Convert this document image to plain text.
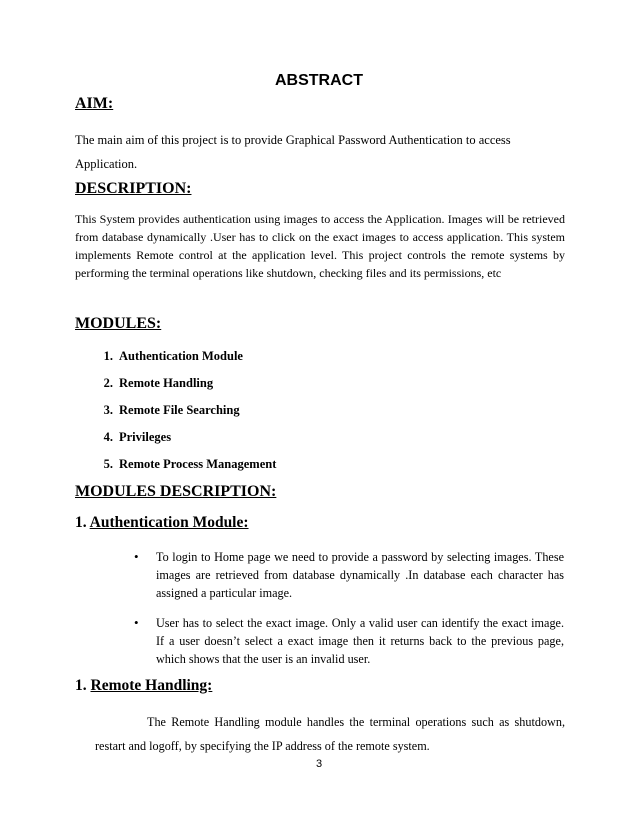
ABSTRACT
AIM:
The main aim of this project is to provide Graphical Password Authentication to access Application.
DESCRIPTION:
This System provides authentication using images to access the Application. Images will be retrieved from database dynamically .User has to click on the exact images to access application. This system implements Remote control at the application level. This project controls the remote systems by performing the terminal operations like shutdown, checking files and its permissions, etc
MODULES:
1. Authentication Module
2. Remote Handling
3. Remote File Searching
4. Privileges
5. Remote Process Management
MODULES DESCRIPTION:
1. Authentication Module:
• To login to Home page we need to provide a password by selecting images. These images are retrieved from database dynamically .In database each character has assigned a particular image.
• User has to select the exact image. Only a valid user can identify the exact image. If a user doesn’t select a exact image then it returns back to the previous page, which shows that the user is an invalid user.
1. Remote Handling:
The Remote Handling module handles the terminal operations such as shutdown,
restart and logoff, by specifying the IP address of the remote system.
3
